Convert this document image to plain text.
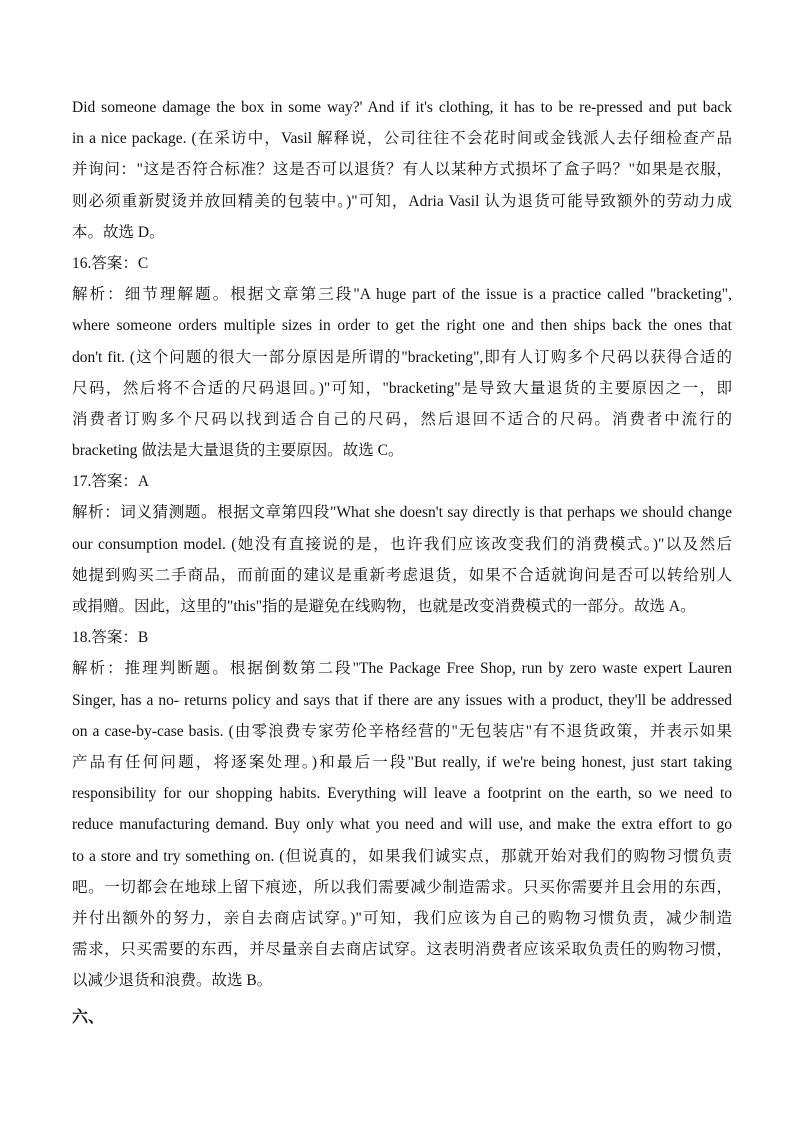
Did someone damage the box in some way?' And if it's clothing, it has to be re-pressed and put back
in a nice package. (在采访中，Vasil 解释说，公司往往不会花时间或金钱派人去仔细检查产品
并询问："这是否符合标准？这是否可以退货？有人以某种方式损坏了盒子吗？"如果是衣服，
则必须重新熨烫并放回精美的包装中。)"可知，Adria Vasil 认为退货可能导致额外的劳动力成
本。故选 D。
16.答案：C
解析：细节理解题。根据文章第三段"A huge part of the issue is a practice called "bracketing",
where someone orders multiple sizes in order to get the right one and then ships back the ones that
don't fit. (这个问题的很大一部分原因是所谓的"bracketing",即有人订购多个尺码以获得合适的
尺码，然后将不合适的尺码退回。)"可知，"bracketing"是导致大量退货的主要原因之一，即
消费者订购多个尺码以找到适合自己的尺码，然后退回不适合的尺码。消费者中流行的
bracketing 做法是大量退货的主要原因。故选 C。
17.答案：A
解析：词义猜测题。根据文章第四段"What she doesn't say directly is that perhaps we should change
our consumption model. (她没有直接说的是，也许我们应该改变我们的消费模式。)"以及然后
她提到购买二手商品，而前面的建议是重新考虑退货，如果不合适就询问是否可以转给别人
或捐赠。因此，这里的"this"指的是避免在线购物，也就是改变消费模式的一部分。故选 A。
18.答案：B
解析：推理判断题。根据倒数第二段"The Package Free Shop, run by zero waste expert Lauren
Singer, has a no- returns policy and says that if there are any issues with a product, they'll be addressed
on a case-by-case basis. (由零浪费专家劳伦辛格经营的"无包装店"有不退货政策，并表示如果
产品有任何问题，将逐案处理。)和最后一段"But really, if we're being honest, just start taking
responsibility for our shopping habits. Everything will leave a footprint on the earth, so we need to
reduce manufacturing demand. Buy only what you need and will use, and make the extra effort to go
to a store and try something on. (但说真的，如果我们诚实点，那就开始对我们的购物习惯负责
吧。一切都会在地球上留下痕迹，所以我们需要减少制造需求。只买你需要并且会用的东西，
并付出额外的努力，亲自去商店试穿。)"可知，我们应该为自己的购物习惯负责，减少制造
需求，只买需要的东西，并尽量亲自去商店试穿。这表明消费者应该采取负责任的购物习惯，
以减少退货和浪费。故选 B。
六、
